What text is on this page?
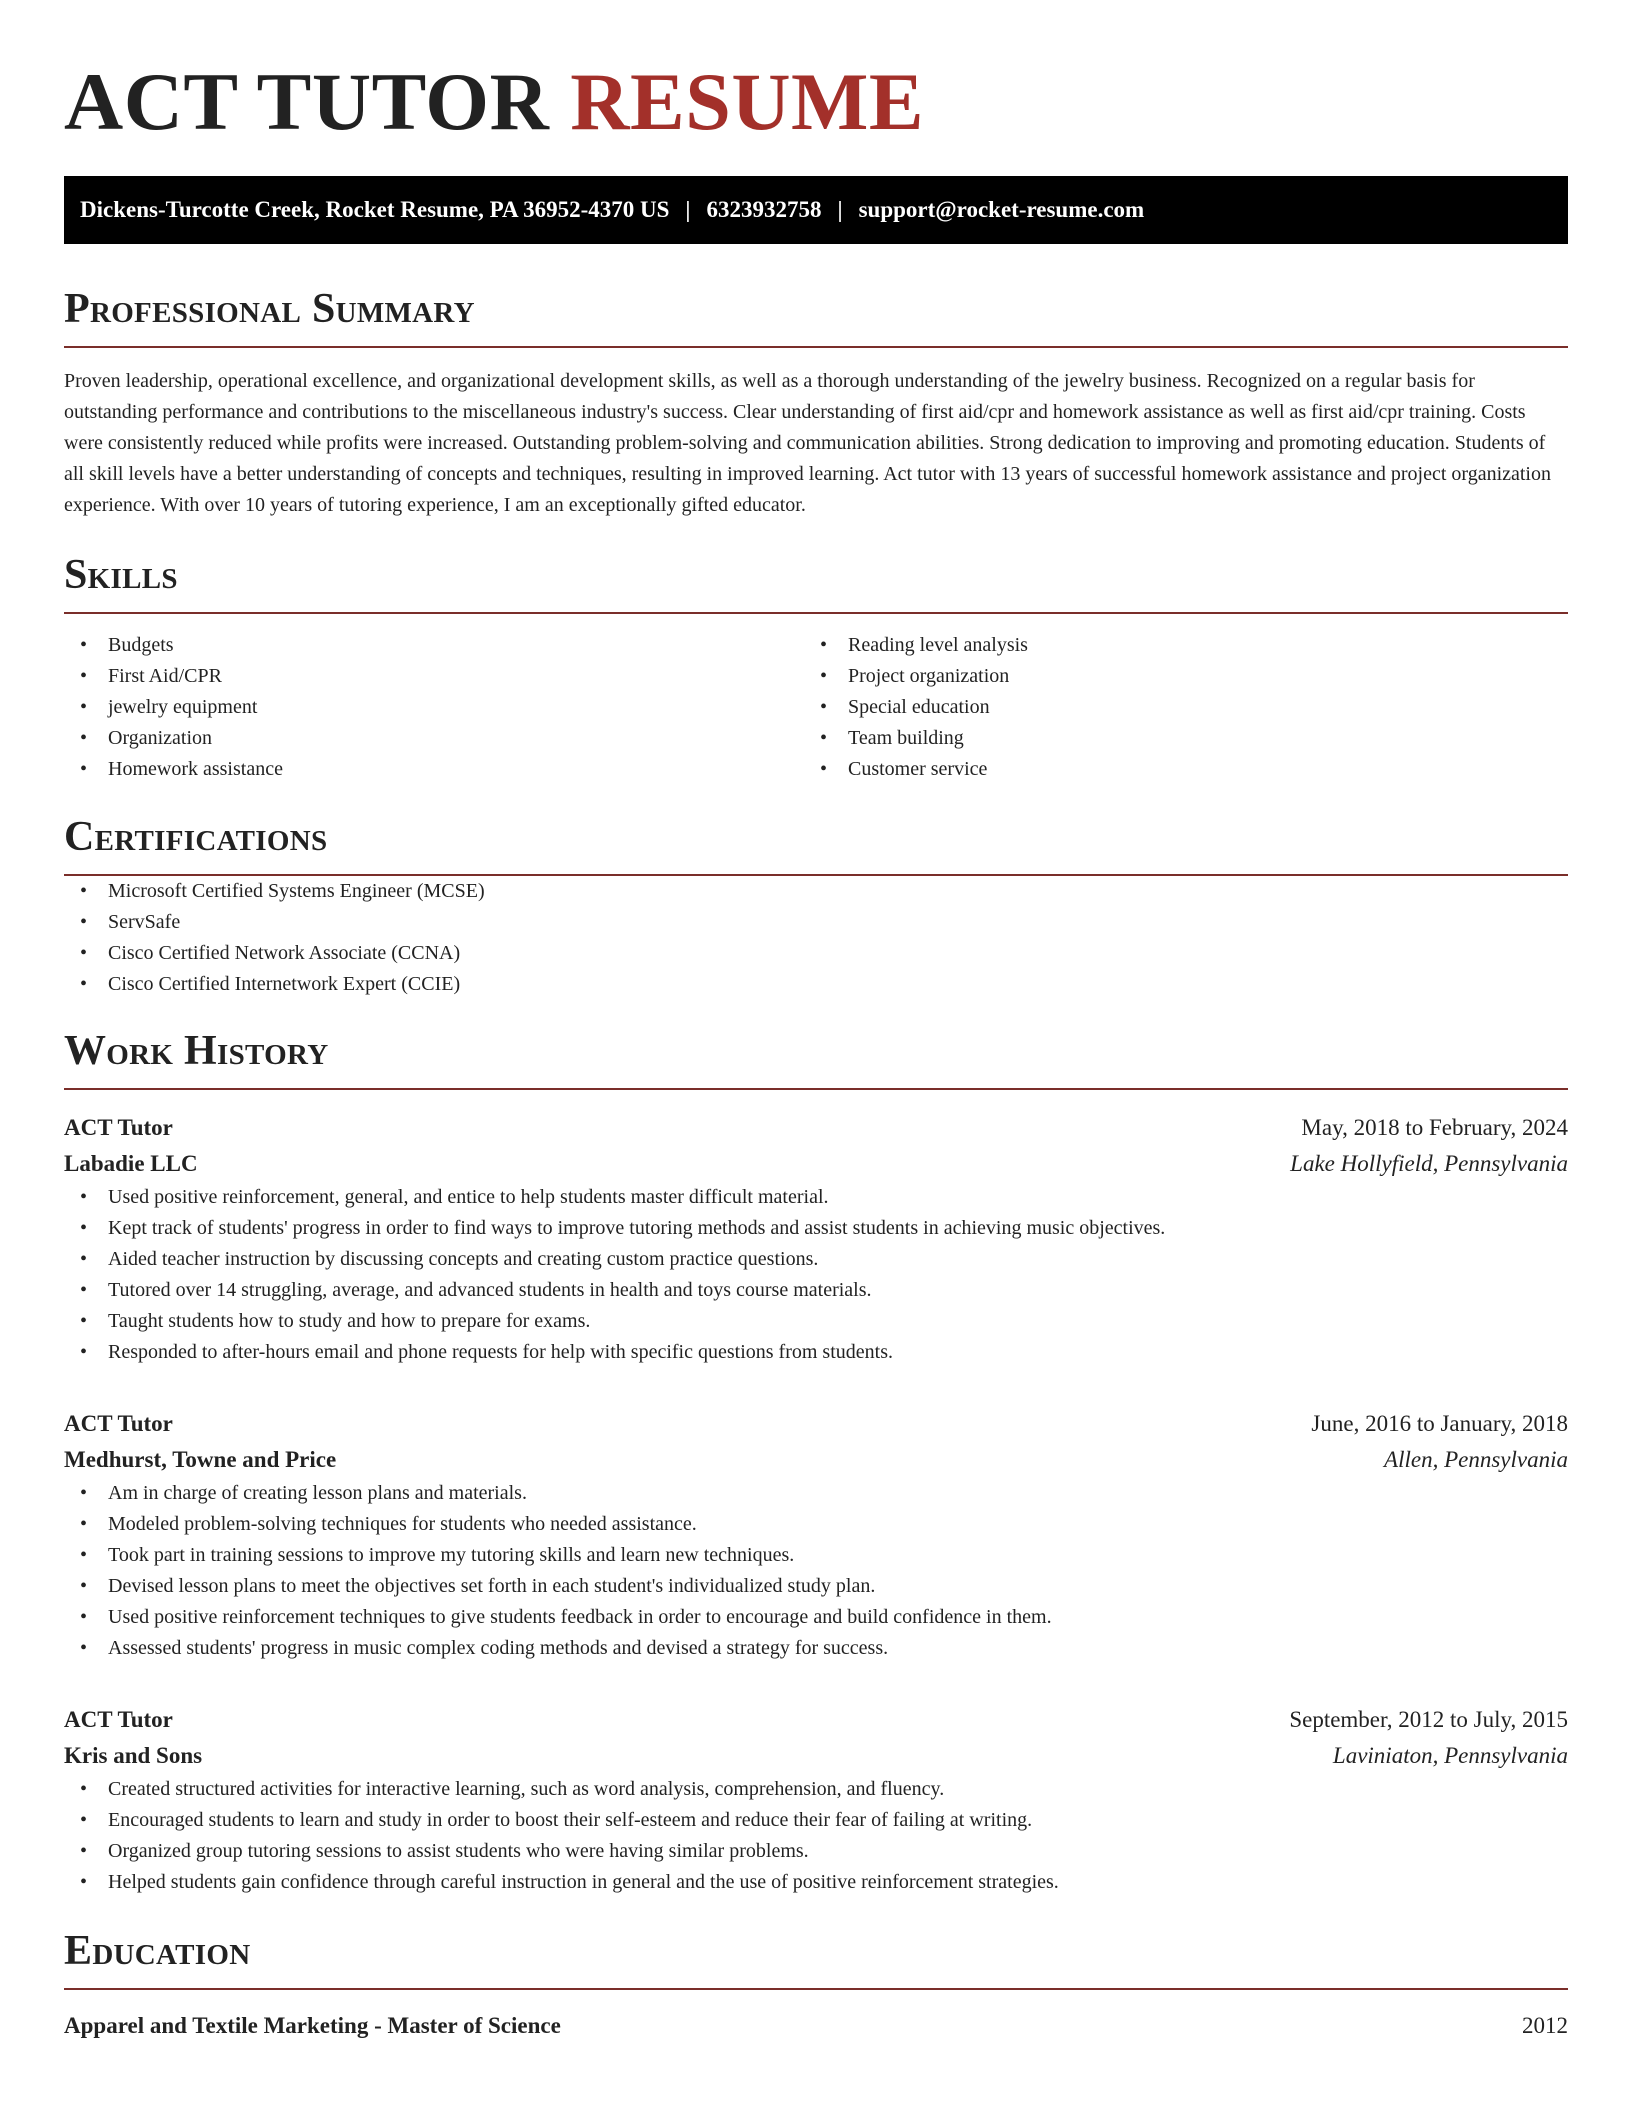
ACT TUTOR RESUME
Dickens-Turcotte Creek, Rocket Resume, PA 36952-4370 US | 6323932758 | support@rocket-resume.com
Professional Summary

Proven leadership, operational excellence, and organizational development skills, as well as a thorough understanding of the jewelry business. Recognized on a regular basis for outstanding performance and contributions to the miscellaneous industry's success. Clear understanding of first aid/cpr and homework assistance as well as first aid/cpr training. Costs were consistently reduced while profits were increased. Outstanding problem-solving and communication abilities. Strong dedication to improving and promoting education. Students of all skill levels have a better understanding of concepts and techniques, resulting in improved learning. Act tutor with 13 years of successful homework assistance and project organization experience. With over 10 years of tutoring experience, I am an exceptionally gifted educator.

Skills
• Budgets
• First Aid/CPR
• jewelry equipment
• Organization
• Homework assistance
• Reading level analysis
• Project organization
• Special education
• Team building
• Customer service
Certifications
• Microsoft Certified Systems Engineer (MCSE)
• ServSafe
• Cisco Certified Network Associate (CCNA)
• Cisco Certified Internetwork Expert (CCIE)
Work History
ACT Tutor	May, 2018 to February, 2024
Labadie LLC	Lake Hollyfield, Pennsylvania
• Used positive reinforcement, general, and entice to help students master difficult material.
• Kept track of students' progress in order to find ways to improve tutoring methods and assist students in achieving music objectives.
• Aided teacher instruction by discussing concepts and creating custom practice questions.
• Tutored over 14 struggling, average, and advanced students in health and toys course materials.
• Taught students how to study and how to prepare for exams.
• Responded to after-hours email and phone requests for help with specific questions from students.
ACT Tutor	June, 2016 to January, 2018
Medhurst, Towne and Price	Allen, Pennsylvania
• Am in charge of creating lesson plans and materials.
• Modeled problem-solving techniques for students who needed assistance.
• Took part in training sessions to improve my tutoring skills and learn new techniques.
• Devised lesson plans to meet the objectives set forth in each student's individualized study plan.
• Used positive reinforcement techniques to give students feedback in order to encourage and build confidence in them.
• Assessed students' progress in music complex coding methods and devised a strategy for success.
ACT Tutor	September, 2012 to July, 2015
Kris and Sons	Laviniaton, Pennsylvania
• Created structured activities for interactive learning, such as word analysis, comprehension, and fluency.
• Encouraged students to learn and study in order to boost their self-esteem and reduce their fear of failing at writing.
• Organized group tutoring sessions to assist students who were having similar problems.
• Helped students gain confidence through careful instruction in general and the use of positive reinforcement strategies.
Education
Apparel and Textile Marketing - Master of Science	2012
